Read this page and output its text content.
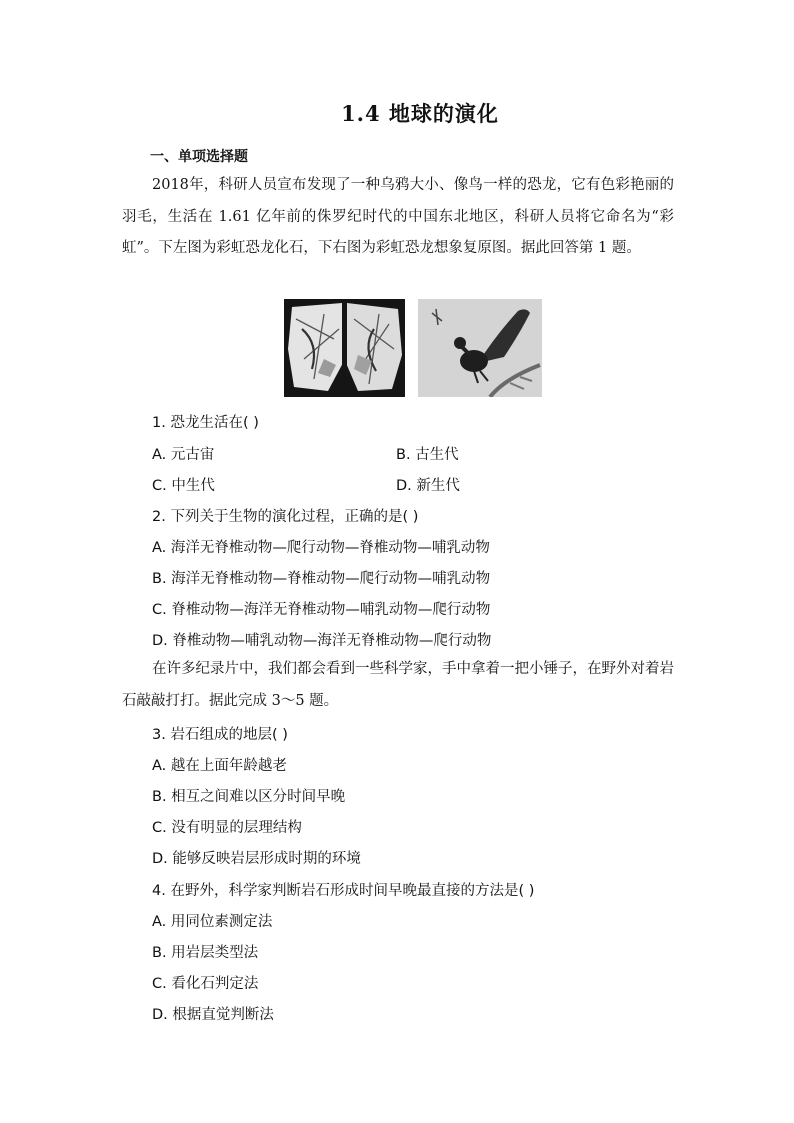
1.4 地球的演化
一、单项选择题

2018年，科研人员宣布发现了一种乌鸦大小、像鸟一样的恐龙，它有色彩艳丽的羽毛，生活在 1.61 亿年前的侏罗纪时代的中国东北地区，科研人员将它命名为“彩虹”。下左图为彩虹恐龙化石，下右图为彩虹恐龙想象复原图。据此回答第 1 题。

1. 恐龙生活在( )
A. 元古宙	B. 古生代
C. 中生代	D. 新生代
2. 下列关于生物的演化过程，正确的是( )
A. 海洋无脊椎动物—爬行动物—脊椎动物—哺乳动物
B. 海洋无脊椎动物—脊椎动物—爬行动物—哺乳动物
C. 脊椎动物—海洋无脊椎动物—哺乳动物—爬行动物
D. 脊椎动物—哺乳动物—海洋无脊椎动物—爬行动物

在许多纪录片中，我们都会看到一些科学家，手中拿着一把小锤子，在野外对着岩石敲敲打打。据此完成 3～5 题。

3. 岩石组成的地层( )
A. 越在上面年龄越老
B. 相互之间难以区分时间早晚
C. 没有明显的层理结构
D. 能够反映岩层形成时期的环境
4. 在野外，科学家判断岩石形成时间早晚最直接的方法是( )
A. 用同位素测定法
B. 用岩层类型法
C. 看化石判定法
D. 根据直觉判断法
